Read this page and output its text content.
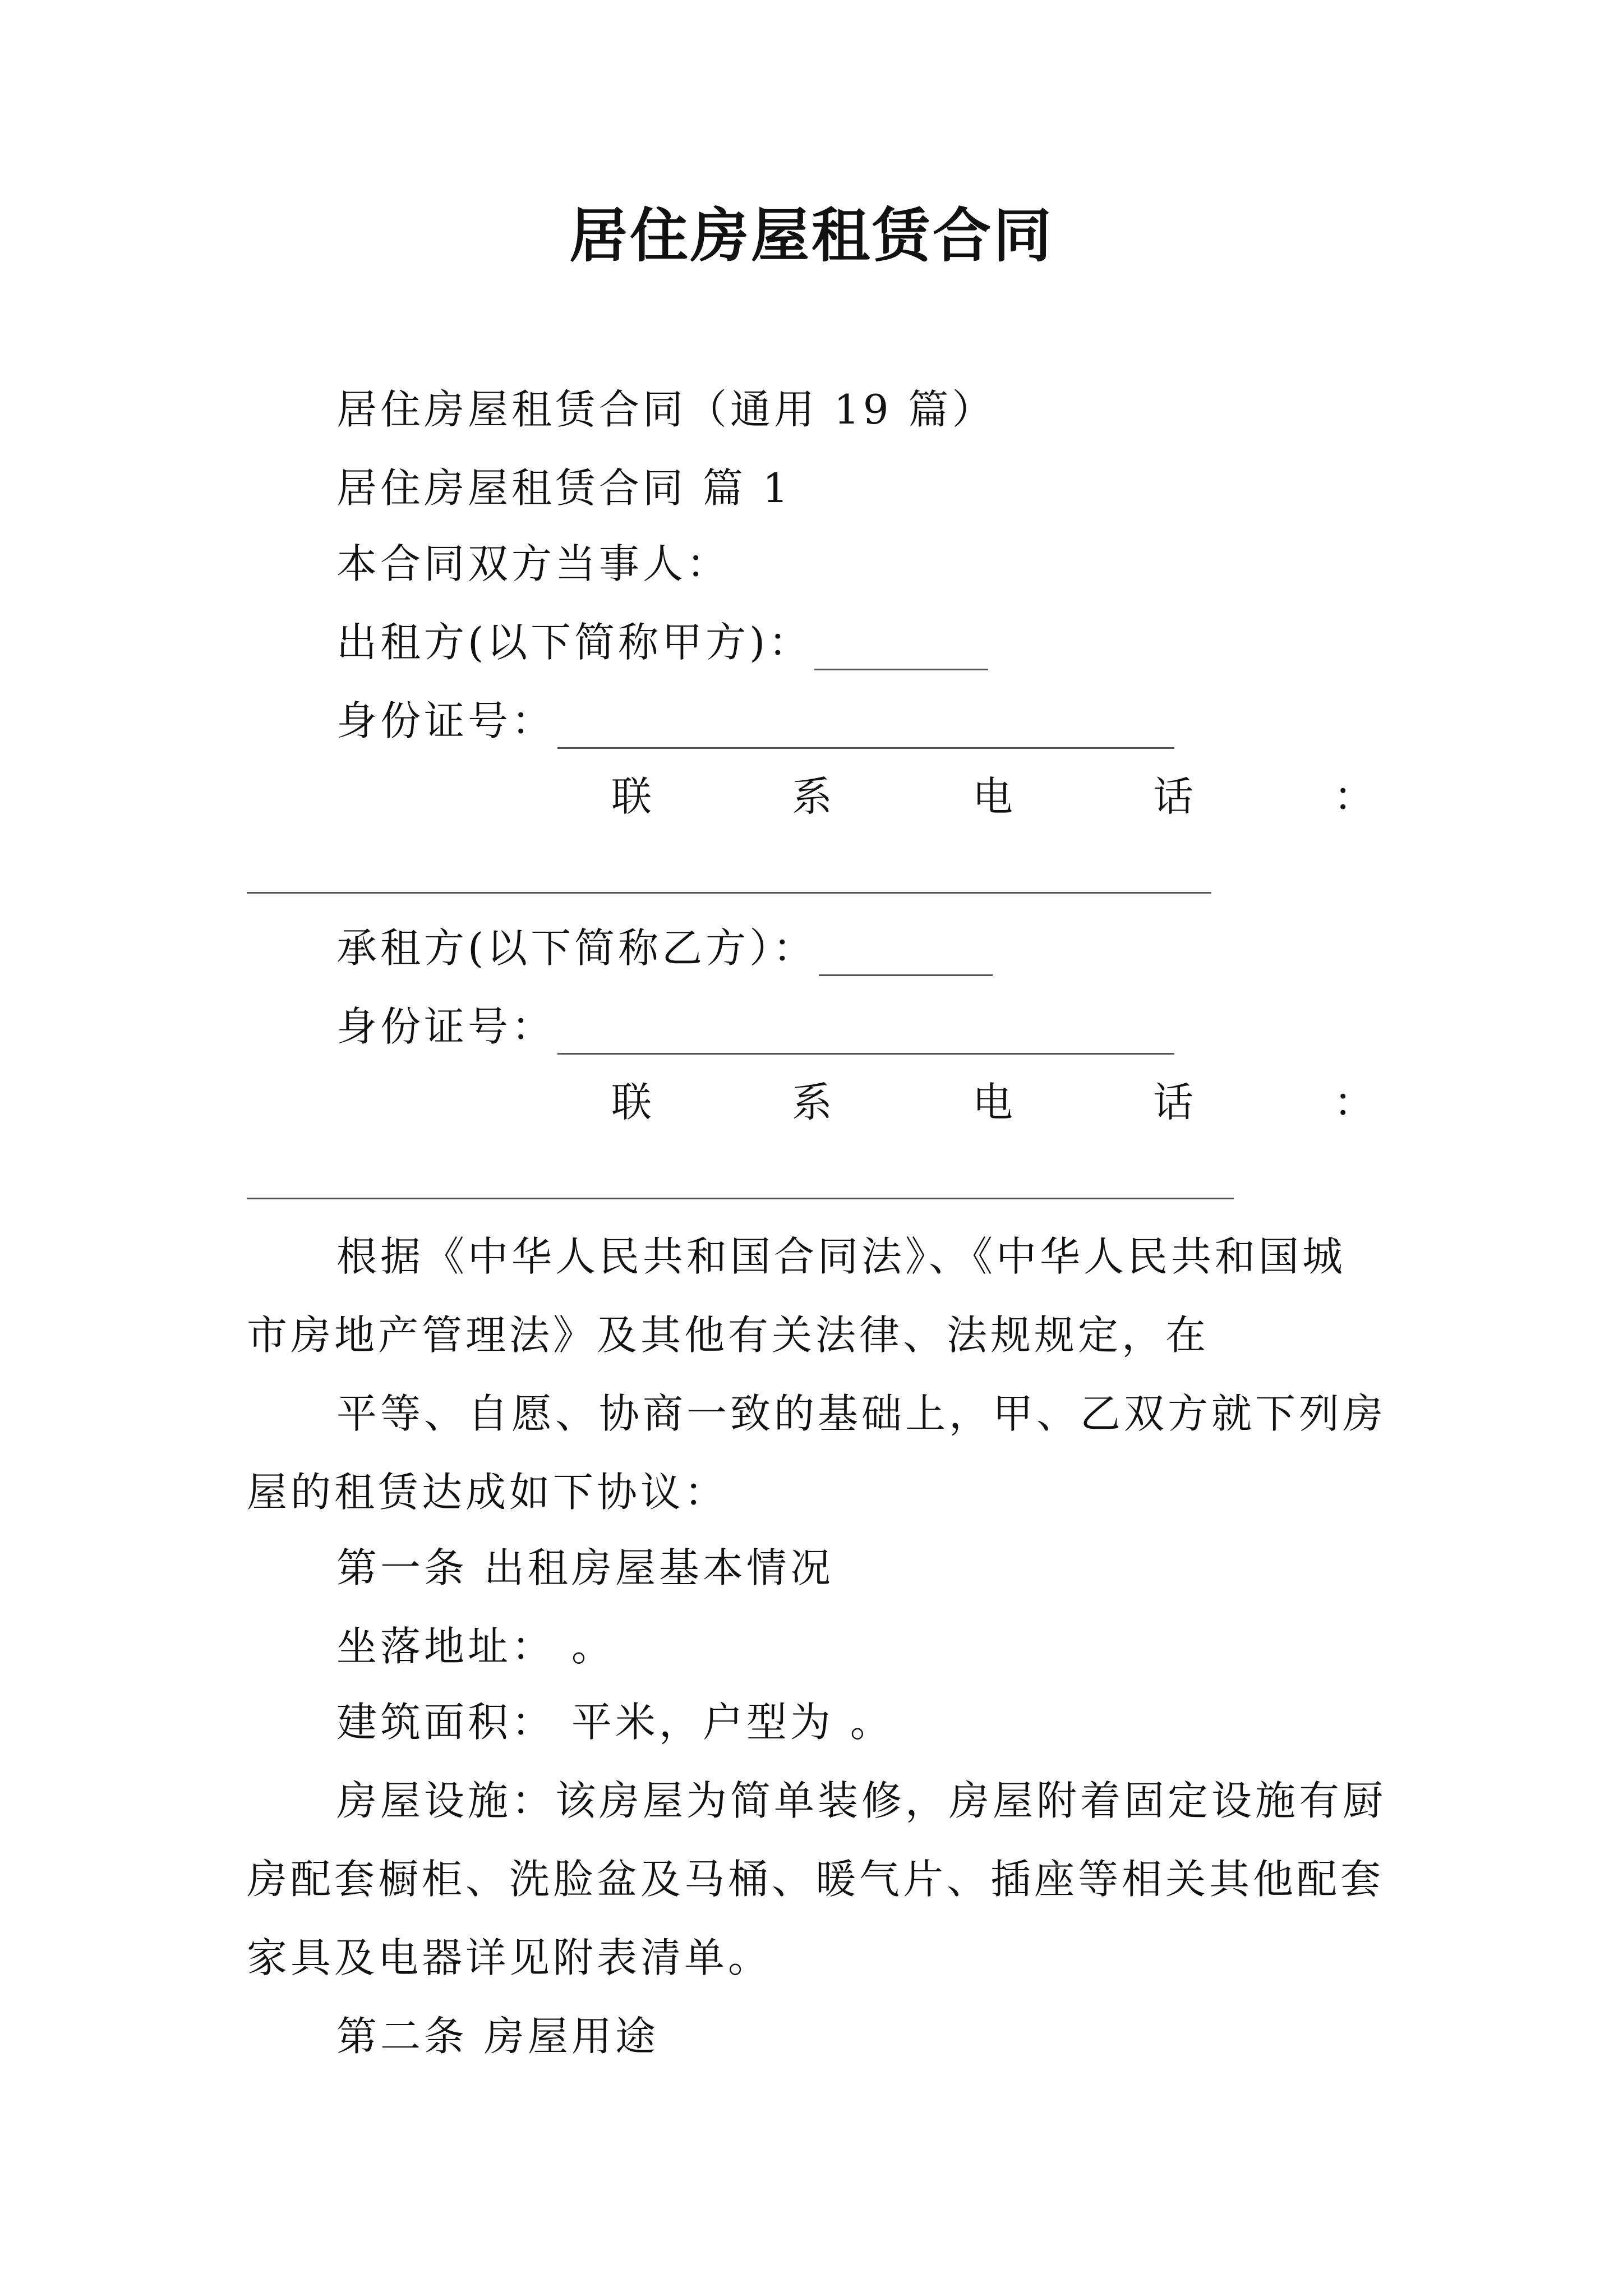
居住房屋租赁合同
居住房屋租赁合同（通用 19 篇）
居住房屋租赁合同 篇 1
本合同双方当事人：
出租方(以下简称甲方)：
身份证号：
联	系	电	话	：
承租方(以下简称乙方）：
身份证号：
联	系	电	话	：
根据《中华人民共和国合同法》、《中华人民共和国城
市房地产管理法》及其他有关法律、法规规定，在
平等、自愿、协商一致的基础上，甲、乙双方就下列房
屋的租赁达成如下协议：
第一条 出租房屋基本情况
坐落地址： 。
建筑面积： 平米，户型为 。
房屋设施：该房屋为简单装修，房屋附着固定设施有厨
房配套橱柜、洗脸盆及马桶、暖气片、插座等相关其他配套
家具及电器详见附表清单。
第二条 房屋用途
